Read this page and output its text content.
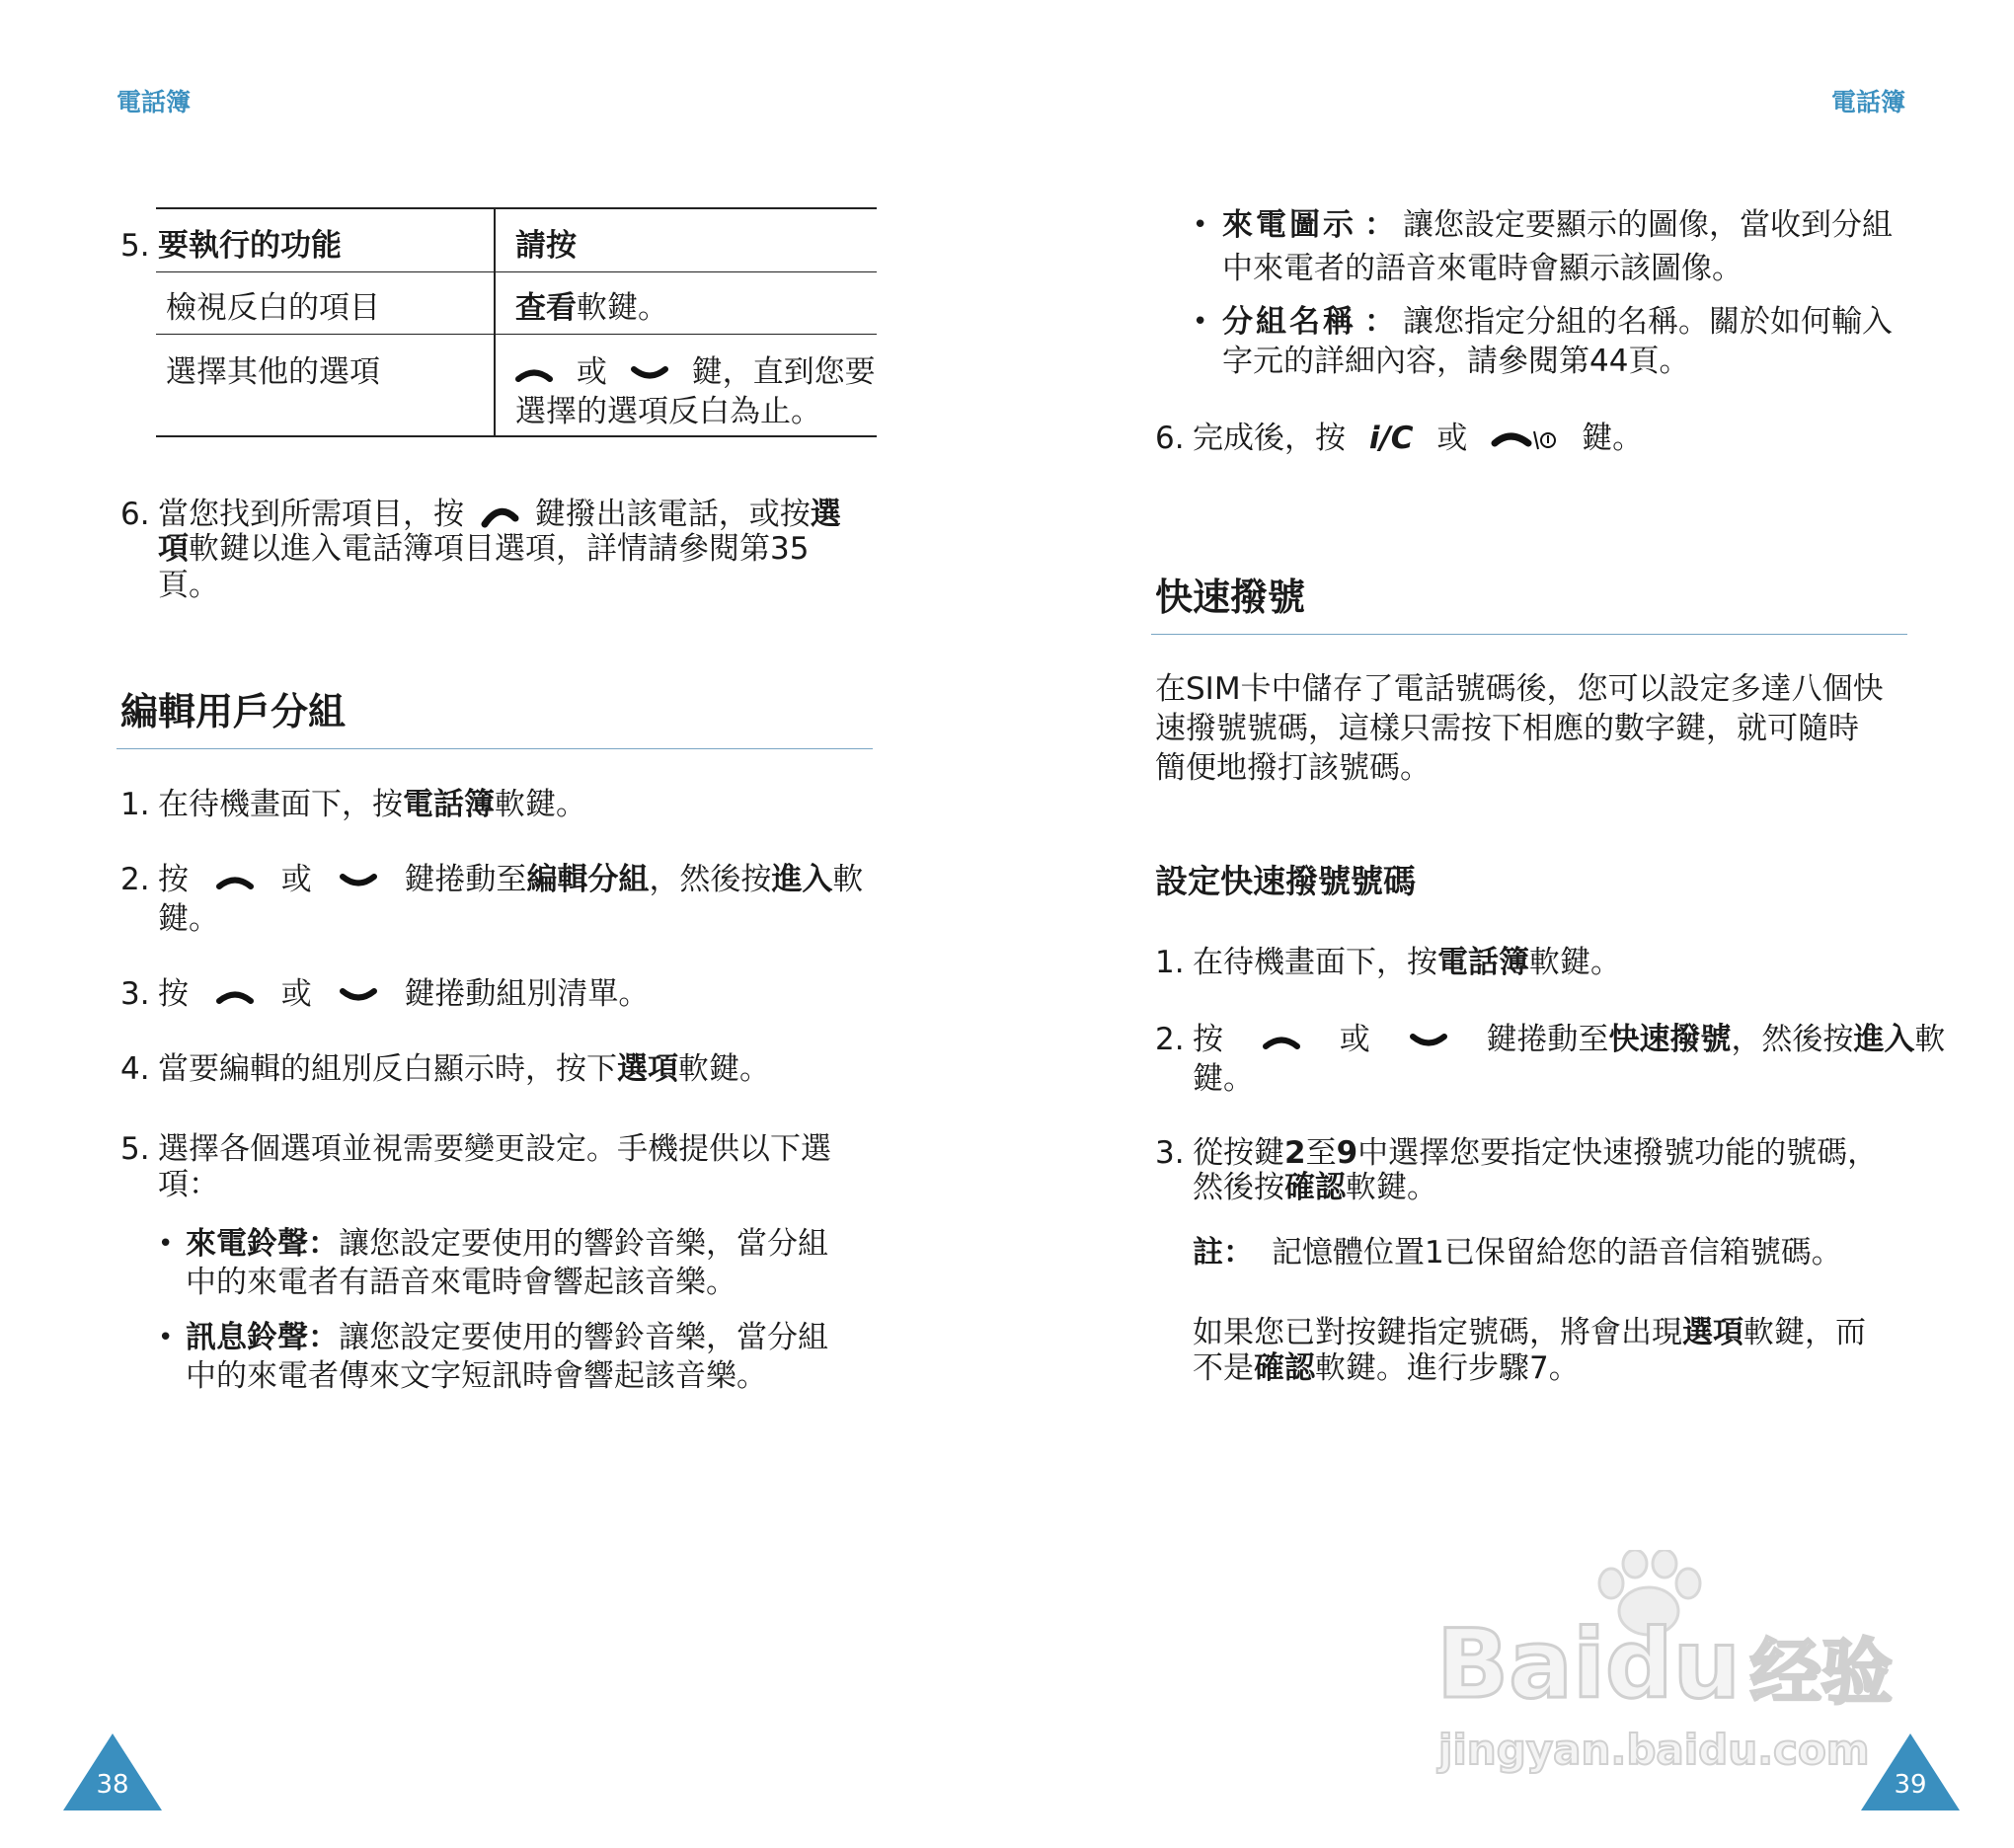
電話簿	電話簿
5. 要執行的功能	請按
檢視反白的項目	查看軟鍵。
選擇其他的選項	或	鍵，直到您要
選擇的選項反白為止。
6. 當您找到所需項目，按 鍵撥出該電話，或按選
項軟鍵以進入電話簿項目選項，詳情請參閱第35
頁。
編輯用戶分組
1. 在待機畫面下，按電話簿軟鍵。
2. 按	或	鍵捲動至編輯分組，然後按進入軟
鍵。
3. 按	或	鍵捲動組別清單。
4. 當要編輯的組別反白顯示時，按下選項軟鍵。
5. 選擇各個選項並視需要變更設定。手機提供以下選
項：
• 來電鈴聲：讓您設定要使用的響鈴音樂，當分組
中的來電者有語音來電時會響起該音樂。
• 訊息鈴聲：讓您設定要使用的響鈴音樂，當分組
中的來電者傳來文字短訊時會響起該音樂。
38
• 來電圖示 ： 讓您設定要顯示的圖像，當收到分組
中來電者的語音來電時會顯示該圖像。
• 分組名稱 ： 讓您指定分組的名稱。關於如何輸入
字元的詳細內容，請參閱第44頁。
6. 完成後，按 i/C 或	鍵。
快速撥號
在SIM卡中儲存了電話號碼後，您可以設定多達八個快
速撥號號碼，這樣只需按下相應的數字鍵，就可隨時
簡便地撥打該號碼。
設定快速撥號號碼
1. 在待機畫面下，按電話簿軟鍵。
2. 按	或	鍵捲動至快速撥號，然後按進入軟
鍵。
3. 從按鍵2至9中選擇您要指定快速撥號功能的號碼，
然後按確認軟鍵。
註： 記憶體位置1已保留給您的語音信箱號碼。
如果您已對按鍵指定號碼，將會出現選項軟鍵，而
不是確認軟鍵。進行步驟7。
Baidu 经验
jingyan.baidu.com
39
